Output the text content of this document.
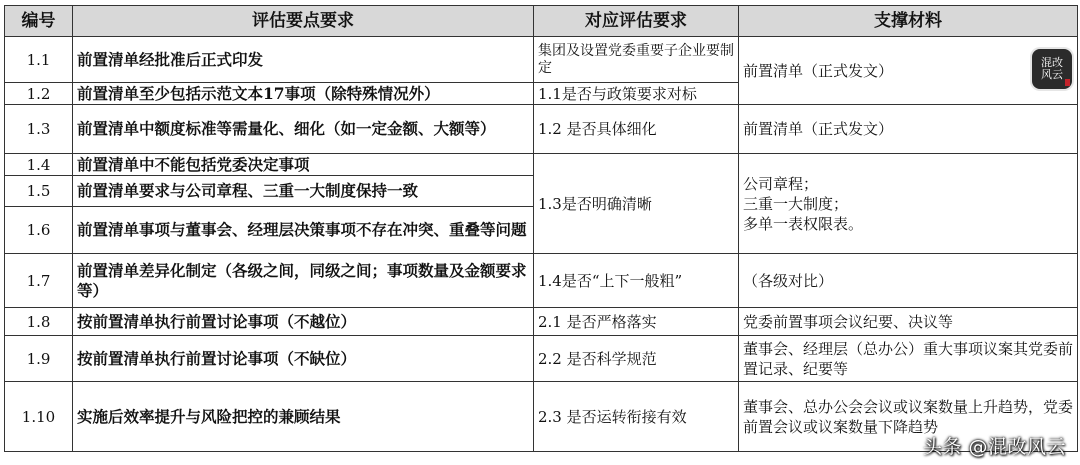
编号	评估要点要求	对应评估要求	支撑材料
1.1	前置清单经批准后正式印发	集团及设置党委重要子企业要制定	前置清单（正式发文）
1.2	前置清单至少包括示范文本17事项（除特殊情况外）	1.1是否与政策要求对标	
1.3	前置清单中额度标准等需量化、细化（如一定金额、大额等）	1.2 是否具体细化	前置清单（正式发文）
1.4	前置清单中不能包括党委决定事项	1.3是否明确清晰	公司章程；
三重一大制度；
多单一表权限表。

1.5	前置清单要求与公司章程、三重一大制度保持一致		
1.6	前置清单事项与董事会、经理层决策事项不存在冲突、重叠等问题		
1.7	前置清单差异化制定（各级之间，同级之间；事项数量及金额要求等）	1.4是否“上下一般粗”	（各级对比）
1.8	按前置清单执行前置讨论事项（不越位）	2.1 是否严格落实	党委前置事项会议纪要、决议等
1.9	按前置清单执行前置讨论事项（不缺位）	2.2 是否科学规范	董事会、经理层（总办公）重大事项议案其党委前置记录、纪要等
1.10	实施后效率提升与风险把控的兼顾结果	2.3 是否运转衔接有效	董事会、总办公会会议或议案数量上升趋势，党委前置会议或议案数量下降趋势
混改风云
头条 @混改风云
